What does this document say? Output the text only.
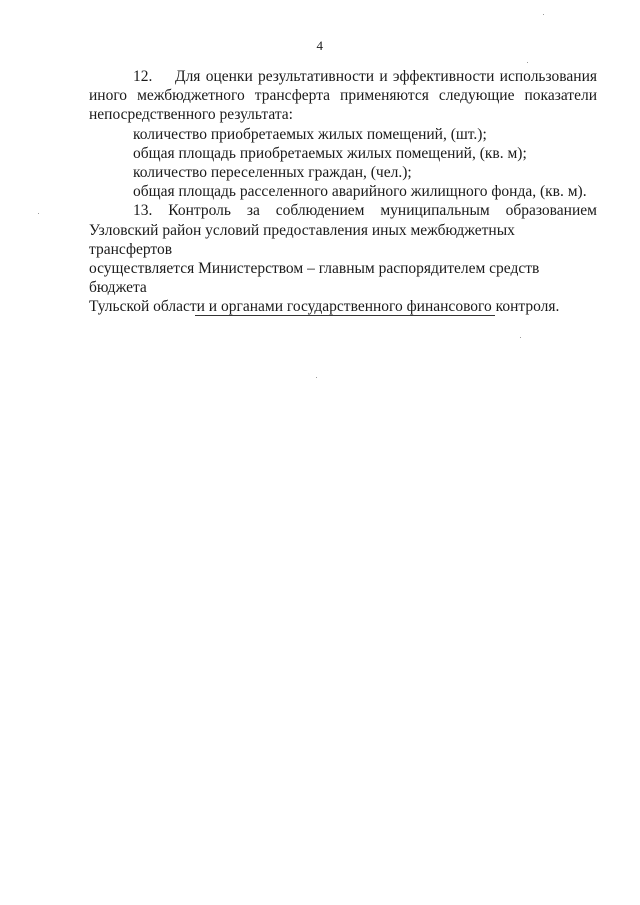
4

12. Для оценки результативности и эффективности использования иного межбюджетного трансферта применяются следующие показатели непосредственного результата:

количество приобретаемых жилых помещений, (шт.);

общая площадь приобретаемых жилых помещений, (кв. м);

количество переселенных граждан, (чел.);

общая площадь расселенного аварийного жилищного фонда, (кв. м).

13. Контроль за соблюдением муниципальным образованием

Узловский район условий предоставления иных межбюджетных трансфертов

осуществляется Министерством – главным распорядителем средств бюджета

Тульской области и органами государственного финансового контроля.
